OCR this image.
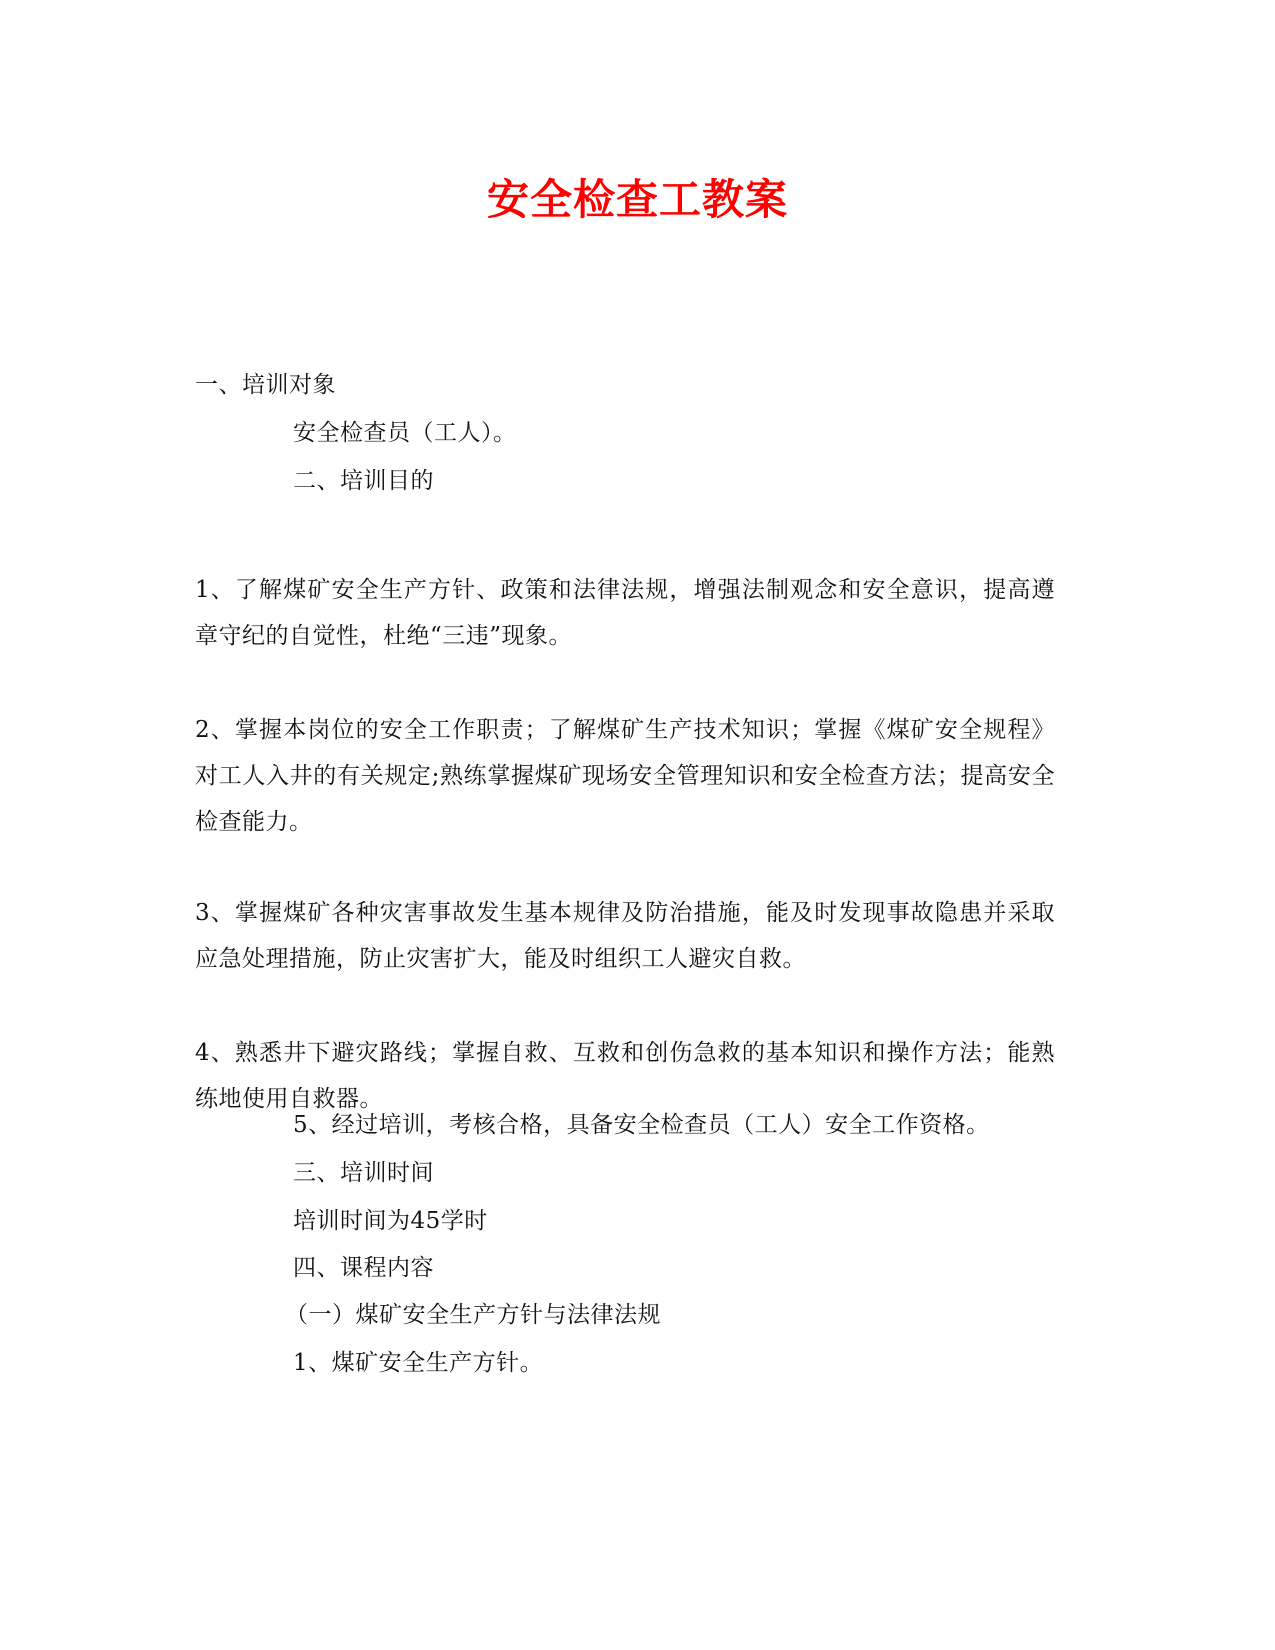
安全检查工教案
一、培训对象
安全检查员（工人）。
二、培训目的
1、了解煤矿安全生产方针、政策和法律法规，增强法制观念和安全意识，提高遵章守纪的自觉性，杜绝“三违”现象。
2、掌握本岗位的安全工作职责；了解煤矿生产技术知识；掌握《煤矿安全规程》对工人入井的有关规定;熟练掌握煤矿现场安全管理知识和安全检查方法；提高安全检查能力。
3、掌握煤矿各种灾害事故发生基本规律及防治措施，能及时发现事故隐患并采取应急处理措施，防止灾害扩大，能及时组织工人避灾自救。
4、熟悉井下避灾路线；掌握自救、互救和创伤急救的基本知识和操作方法；能熟练地使用自救器。
5、经过培训，考核合格，具备安全检查员（工人）安全工作资格。
三、培训时间
培训时间为45学时
四、课程内容
（一）煤矿安全生产方针与法律法规
1、煤矿安全生产方针。
